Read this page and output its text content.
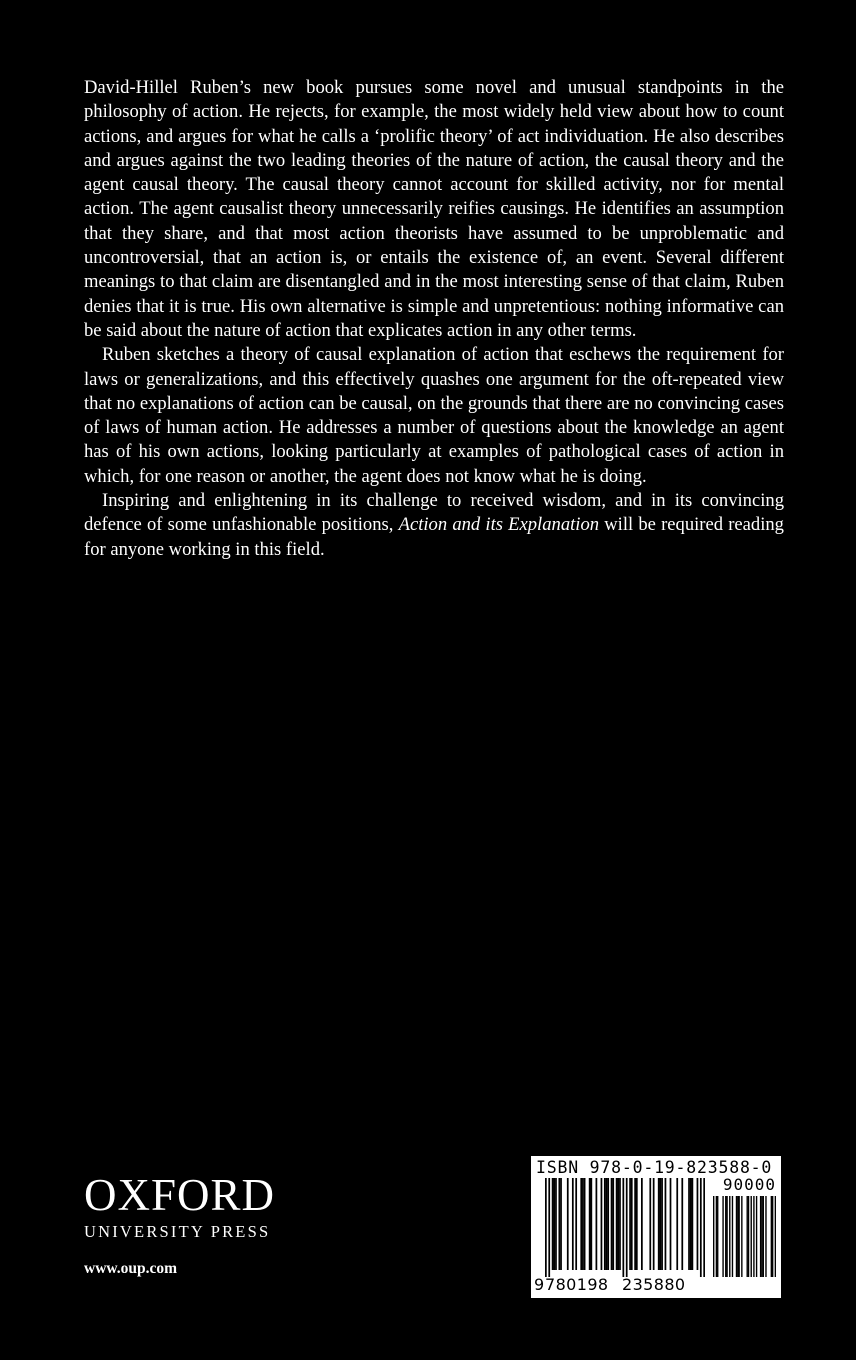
David-Hillel Ruben’s new book pursues some novel and unusual standpoints in the philosophy of action. He rejects, for example, the most widely held view about how to count actions, and argues for what he calls a ‘prolific theory’ of act individuation. He also describes and argues against the two leading theories of the nature of action, the causal theory and the agent causal theory. The causal theory cannot account for skilled activity, nor for mental action. The agent causalist theory unnecessarily reifies causings. He identifies an assumption that they share, and that most action theorists have assumed to be unproblematic and uncontroversial, that an action is, or entails the existence of, an event. Several different meanings to that claim are disentangled and in the most interesting sense of that claim, Ruben denies that it is true. His own alternative is simple and unpretentious: nothing informative can be said about the nature of action that explicates action in any other terms.

Ruben sketches a theory of causal explanation of action that eschews the requirement for laws or generalizations, and this effectively quashes one argument for the oft-repeated view that no explanations of action can be causal, on the grounds that there are no convincing cases of laws of human action. He addresses a number of questions about the knowledge an agent has of his own actions, looking particularly at examples of pathological cases of action in which, for one reason or another, the agent does not know what he is doing.

Inspiring and enlightening in its challenge to received wisdom, and in its convincing defence of some unfashionable positions, Action and its Explanation will be required reading for anyone working in this field.

OXFORD
UNIVERSITY PRESS
www.oup.com
ISBN 978-0-19-823588-0
90000
9780198 235880
